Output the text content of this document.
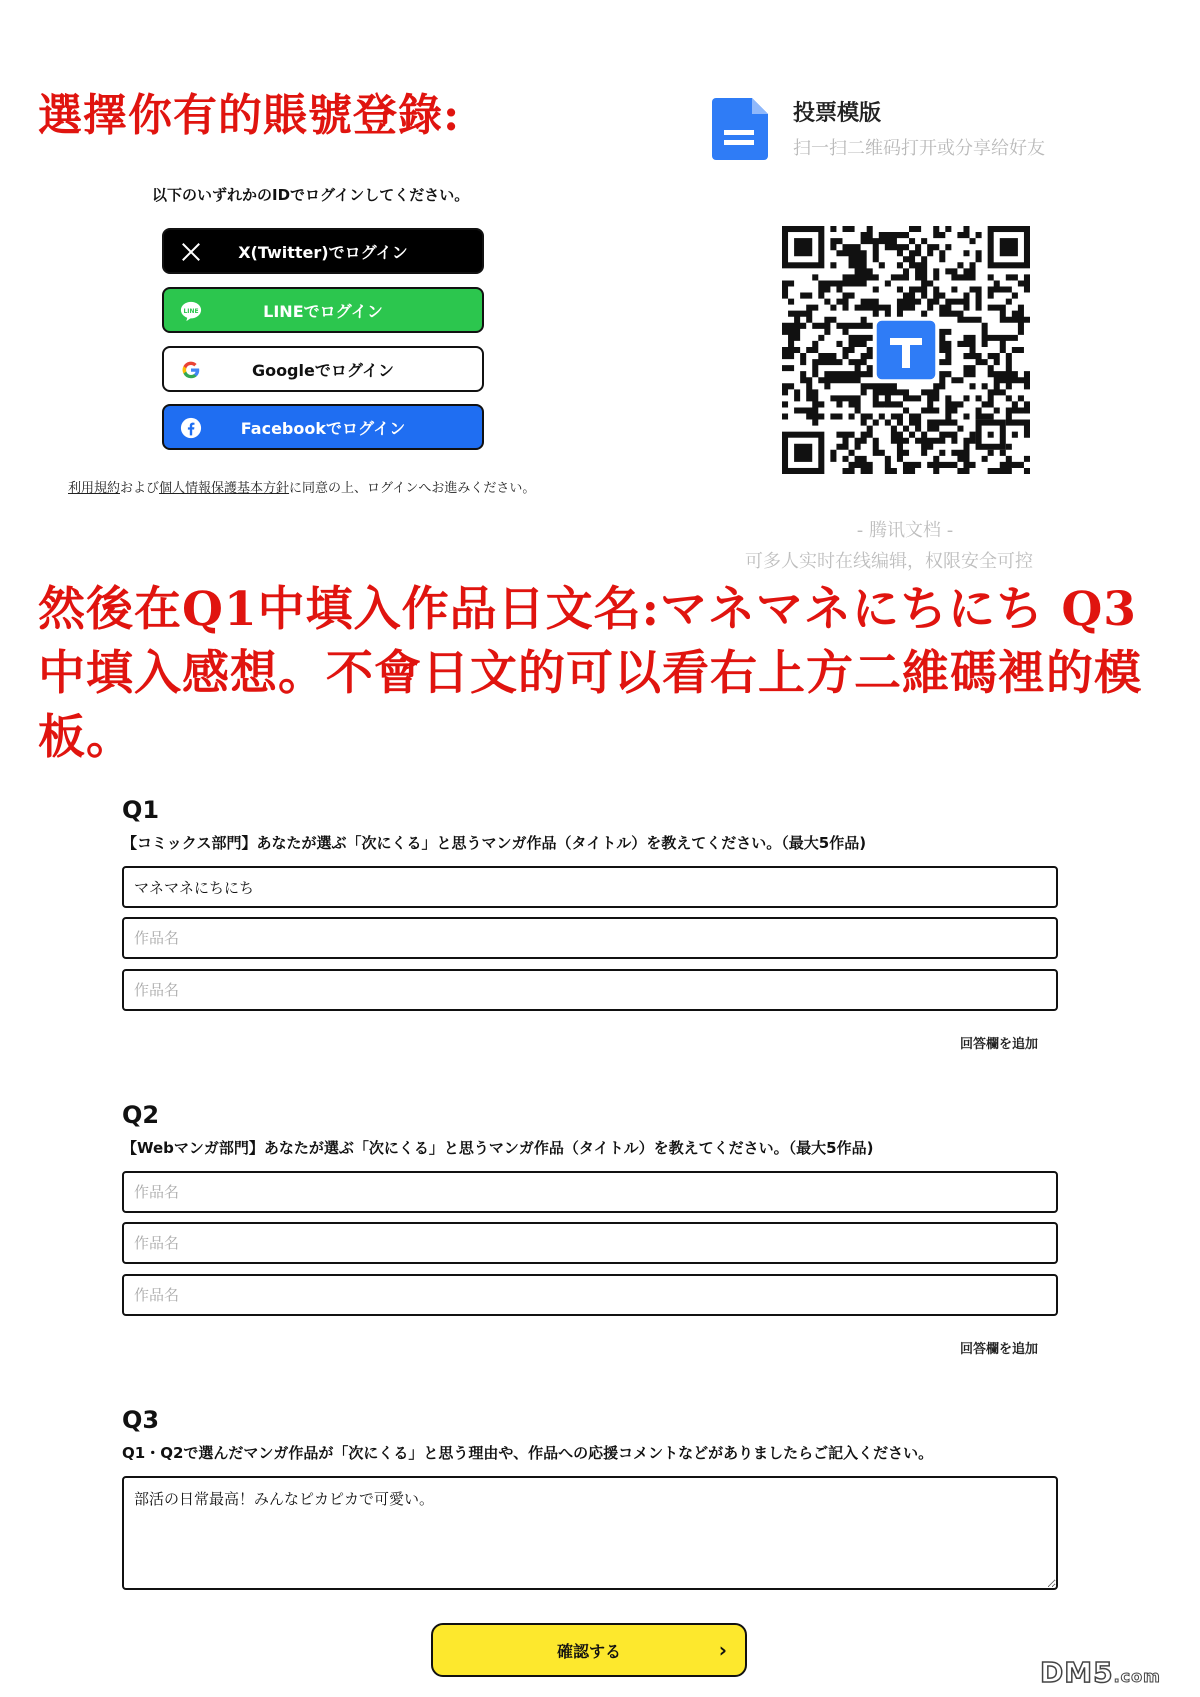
選擇你有的賬號登錄:
然後在Q1中填入作品日文名:マネマネにちにち Q3中填入感想。不會日文的可以看右上方二維碼裡的模板。
以下のいずれかのIDでログインしてください。
X(Twitter)でログイン
LINE	LINEでログイン
Googleでログイン
Facebookでログイン
利用規約および個人情報保護基本方針に同意の上、ログインへお進みください。
投票模版
扫一扫二维码打开或分享给好友
- 腾讯文档 -
可多人实时在线编辑，权限安全可控
Q1
【コミックス部門】あなたが選ぶ「次にくる」と思うマンガ作品（タイトル）を教えてください。（最大5作品)
マネマネにちにち
作品名
作品名
回答欄を追加
Q2
【Webマンガ部門】あなたが選ぶ「次にくる」と思うマンガ作品（タイトル）を教えてください。（最大5作品)
作品名
作品名
作品名
回答欄を追加
Q3
Q1・Q2で選んだマンガ作品が「次にくる」と思う理由や、作品への応援コメントなどがありましたらご記入ください。
部活の日常最高！みんなピカピカで可愛い。
確認する	›
DM5.com
